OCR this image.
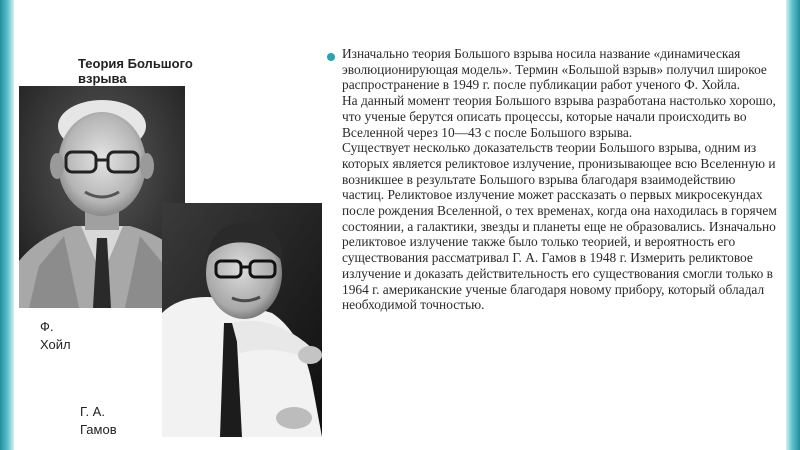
Теория Большого взрыва
Ф.
Хойл
Г. А.
Гамов

Изначально теория Большого взрыва носила название «динамическая эволюционирующая модель». Термин «Большой взрыв» получил широкое распространение в 1949 г. после публикации работ ученого Ф. Хойла.

На данный момент теория Большого взрыва разработана настолько хорошо, что ученые берутся описать процессы, которые начали происходить во Вселенной через 10—43 с после Большого взрыва.

Существует несколько доказательств теории Большого взрыва, одним из которых является реликтовое излучение, пронизывающее всю Вселенную и возникшее в результате Большого взрыва благодаря взаимодействию частиц. Реликтовое излучение может рассказать о первых микросекундах после рождения Вселенной, о тех временах, когда она находилась в горячем состоянии, а галактики, звезды и планеты еще не образовались. Изначально реликтовое излучение также было только теорией, и вероятность его существования рассматривал Г. А. Гамов в 1948 г. Измерить реликтовое излучение и доказать действительность его существования смогли только в 1964 г. американские ученые благодаря новому прибору, который обладал необходимой точностью.
